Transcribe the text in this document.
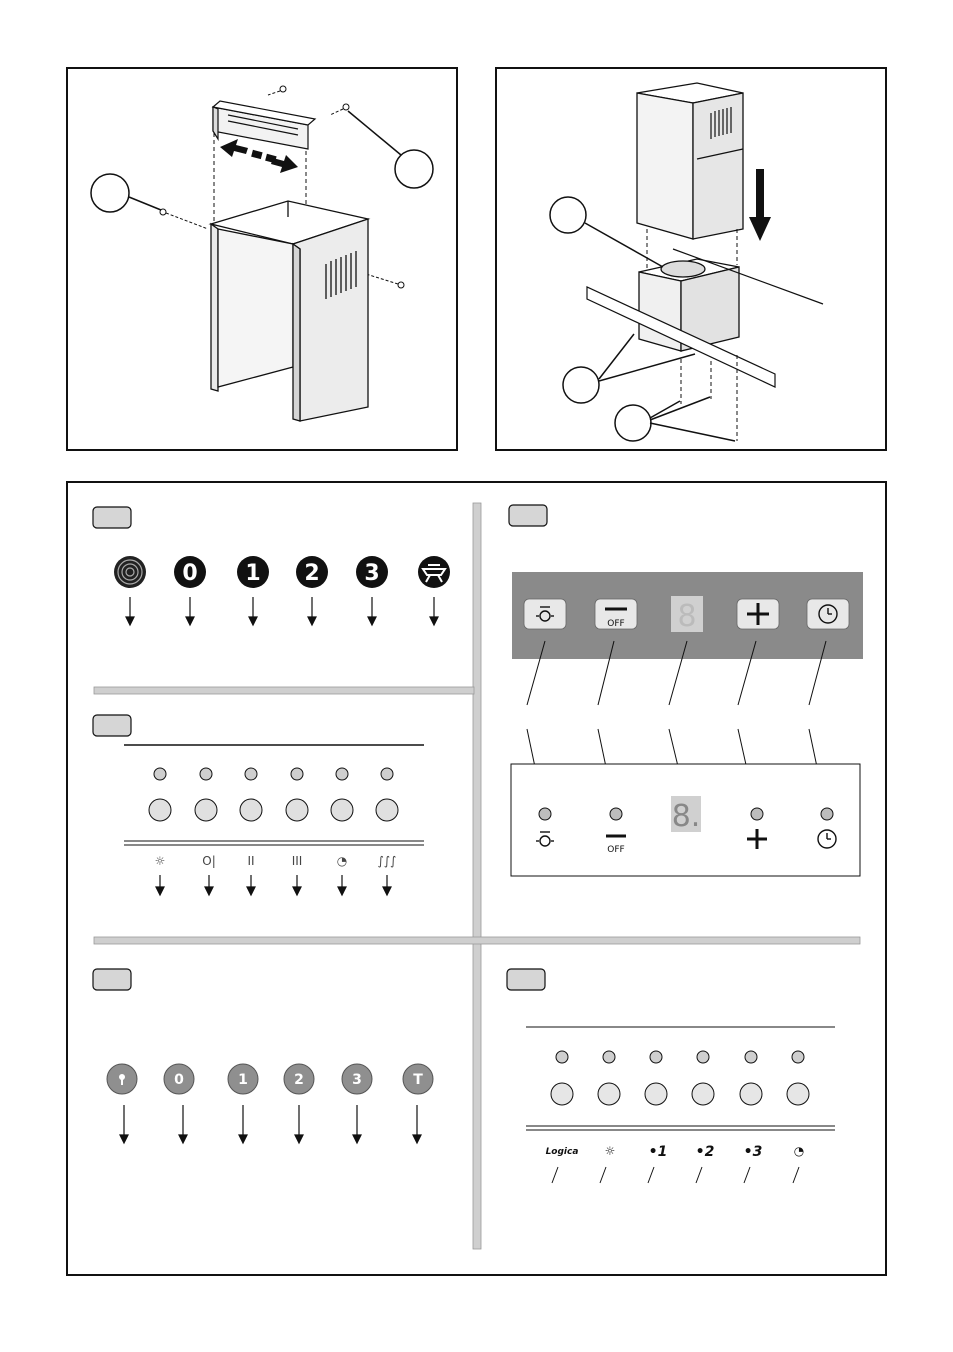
0 1 2 3
☼	O|	II	III	◔	∫∫∫
8
OFF
8.
OFF
0	1	2	3	T
Logica ☼ •1 •2 •3	◔
